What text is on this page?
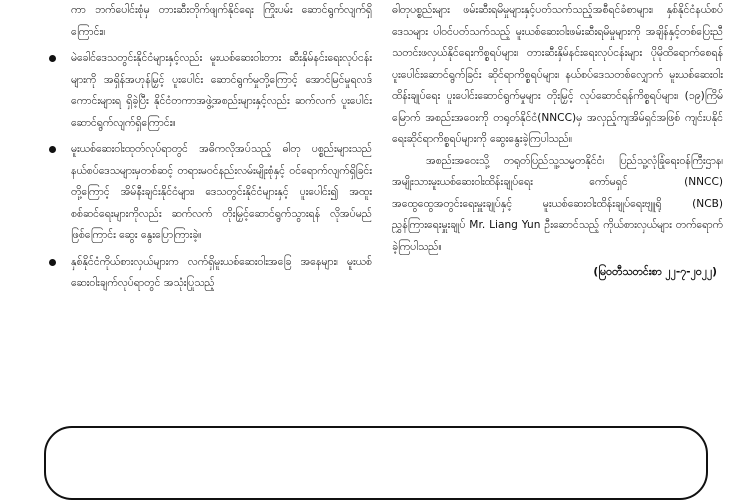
ကာ ဘက်ပေါင်းစုံမှ တားဆီးတိုက်ဖျက်နိုင်ရေး ကြိုးပမ်း ဆောင်ရွက်လျက်ရှိကြောင်း။
မဲခေါင်ဒေသတွင်းနိုင်ငံများနှင့်လည်း မူးယစ်ဆေးဝါးတား ဆီးနှိမ်နင်းရေးလုပ်ငန်းများကို အရှိန်အဟုန်မြှင့် ပူးပေါင်း ဆောင်ရွက်မှုတို့ကြောင့် အောင်မြင်မှုရလဒ်ကောင်းများရ ရှိခဲ့ပြီး နိုင်ငံတကာအဖွဲ့အစည်းများနှင့်လည်း ဆက်လက် ပူးပေါင်းဆောင်ရွက်လျက်ရှိကြောင်း။
မူးယစ်ဆေးဝါးထုတ်လုပ်ရာတွင် အဓိကလိုအပ်သည့် ဓါတု ပစ္စည်းများသည် နယ်စပ်ဒေသများမှတစ်ဆင့် တရားမဝင်နည်းလမ်းမျိုးစုံနှင့် ဝင်ရောက်လျက်ရှိခြင်း တို့ကြောင့် အိမ်နီးချင်းနိုင်ငံများ၊ ဒေသတွင်းနိုင်ငံများနှင့် ပူးပေါင်း၍ အထူးစစ်ဆင်ရေးများကိုလည်း ဆက်လက် တိုးမြှင့်ဆောင်ရွက်သွားရန် လိုအပ်မည်ဖြစ်ကြောင်း ဆွေး နွေးပြောကြားခဲ့။
နှစ်နိုင်ငံကိုယ်စားလှယ်များက လက်ရှိမူးယစ်ဆေးဝါးအခြေ အနေများ၊ မူးယစ်ဆေးဝါးချက်လုပ်ရာတွင် အသုံးပြုသည့်

ဓါတုပစ္စည်းများ ဖမ်းဆီးရမိမှုများနှင့်ပတ်သက်သည့်အစီရင်ခံစာများ၊ နှစ်နိုင်ငံနယ်စပ်ဒေသများ ပါဝင်ပတ်သက်သည့် မူးယစ်ဆေးဝါးဖမ်းဆီးရမိမှုများကို အချိန်နှင့်တစ်ပြေးညီ သတင်းဖလှယ်နိုင်ရေးကိစ္စရပ်များ၊ တားဆီးနှိမ်နင်းရေးလုပ်ငန်းများ ပိုမိုထိရောက်စေရန် ပူးပေါင်းဆောင်ရွက်ခြင်း ဆိုင်ရာကိစ္စရပ်များ၊ နယ်စပ်ဒေသတစ်လျှောက် မူးယစ်ဆေးဝါးထိန်းချုပ်ရေး ပူးပေါင်းဆောင်ရွက်မှုများ တိုးမြှင့် လုပ်ဆောင်ရန်ကိစ္စရပ်များ၊ (၁၉)ကြိမ်မြောက် အစည်းအဝေးကို တရုတ်နိုင်ငံ(NNCC)မှ အလှည့်ကျအိမ်ရှင်အဖြစ် ကျင်းပနိုင်ရေးဆိုင်ရာကိစ္စရပ်များကို ဆွေးနွေးခဲ့ကြပါသည်။

အစည်းအဝေးသို့ တရုတ်ပြည်သူ့သမ္မတနိုင်ငံ၊ ပြည်သူ့လုံခြုံရေးဝန်ကြီးဌာန၊ အမျိုးသားမူးယစ်ဆေးဝါးထိန်းချုပ်ရေး ကော်မရှင် (NNCC) အထွေထွေအတွင်းရေးမှူးချုပ်နှင့် မူးယစ်ဆေးဝါးထိန်းချုပ်ရေးဗျူရို (NCB) ညွှန်ကြားရေးမှူးချုပ် Mr. Liang Yun ဦးဆောင်သည့် ကိုယ်စားလှယ်များ တက်ရောက်ခဲ့ကြပါသည်။

(မြဝတီသတင်းစာ ၂၂-၇-၂၀၂၂)
